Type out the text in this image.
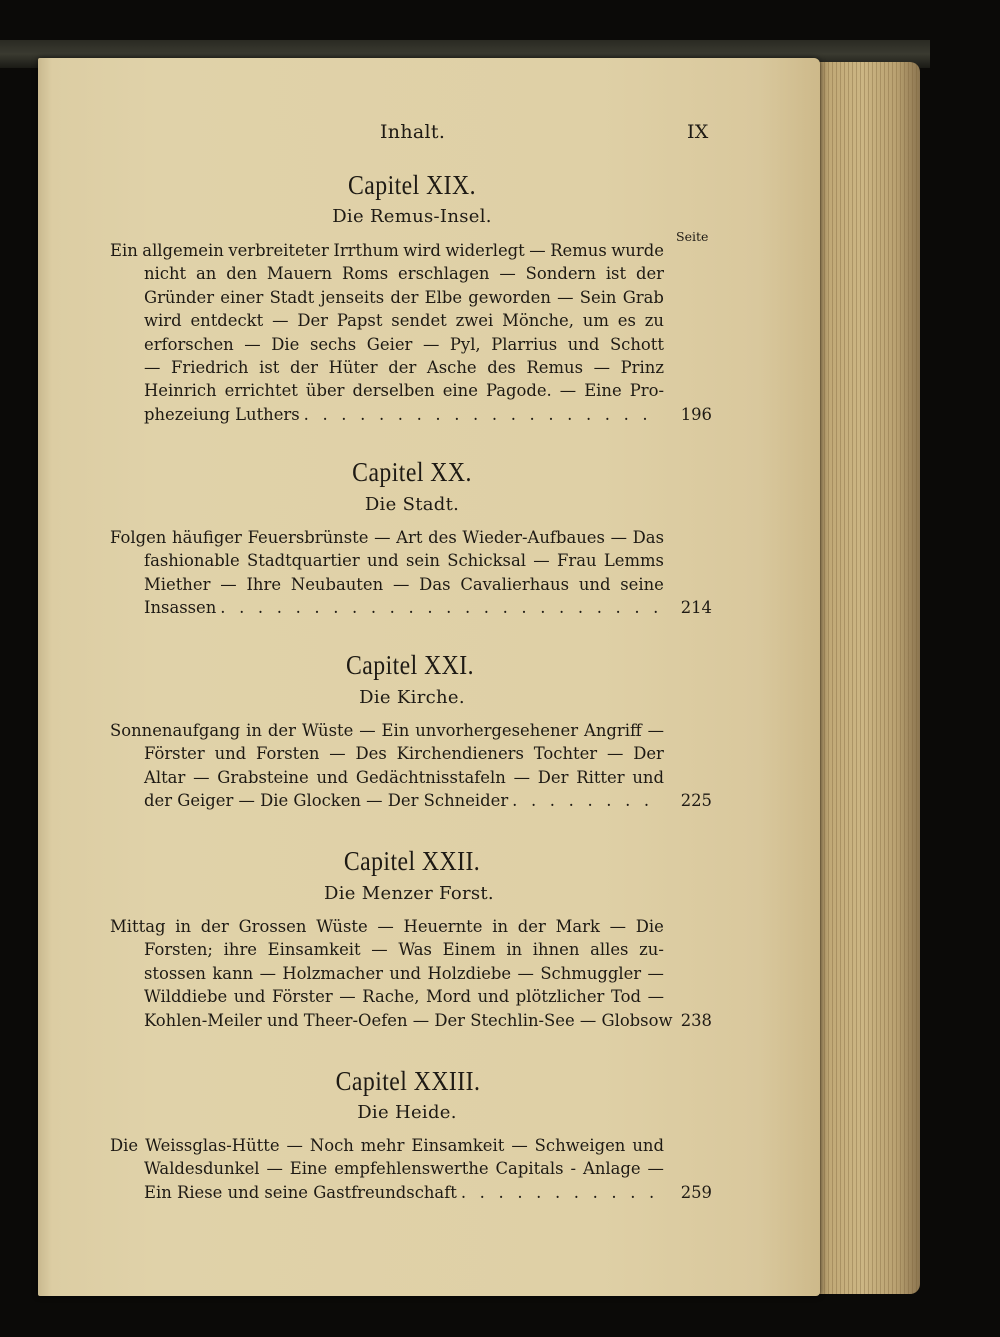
Inhalt.	IX
Seite
Capitel XIX.
Die Remus-Insel.
Ein allgemein verbreiteter Irrthum wird widerlegt — Remus wurde
nicht an den Mauern Roms erschlagen — Sondern ist der
Gründer einer Stadt jenseits der Elbe geworden — Sein Grab
wird entdeckt — Der Papst sendet zwei Mönche, um es zu
erforschen — Die sechs Geier — Pyl, Plarrius und Schott
— Friedrich ist der Hüter der Asche des Remus — Prinz
Heinrich errichtet über derselben eine Pagode. — Eine Pro-
phezeiung Luthers . . .	196
Capitel XX.
Die Stadt.
Folgen häufiger Feuersbrünste — Art des Wieder-Aufbaues — Das
fashionable Stadtquartier und sein Schicksal — Frau Lemms
Miether — Ihre Neubauten — Das Cavalierhaus und seine
Insassen . . .	214
Capitel XXI.
Die Kirche.
Sonnenaufgang in der Wüste — Ein unvorhergesehener Angriff —
Förster und Forsten — Des Kirchendieners Tochter — Der
Altar — Grabsteine und Gedächtnisstafeln — Der Ritter und
der Geiger — Die Glocken — Der Schneider . . .	225
Capitel XXII.
Die Menzer Forst.
Mittag in der Grossen Wüste — Heuernte in der Mark — Die
Forsten; ihre Einsamkeit — Was Einem in ihnen alles zu-
stossen kann — Holzmacher und Holzdiebe — Schmuggler —
Wilddiebe und Förster — Rache, Mord und plötzlicher Tod —
Kohlen-Meiler und Theer-Oefen — Der Stechlin-See — Globsow 238
Capitel XXIII.
Die Heide.
Die Weissglas-Hütte — Noch mehr Einsamkeit — Schweigen und
Waldesdunkel — Eine empfehlenswerthe Capitals - Anlage —
Ein Riese und seine Gastfreundschaft . . .	259
